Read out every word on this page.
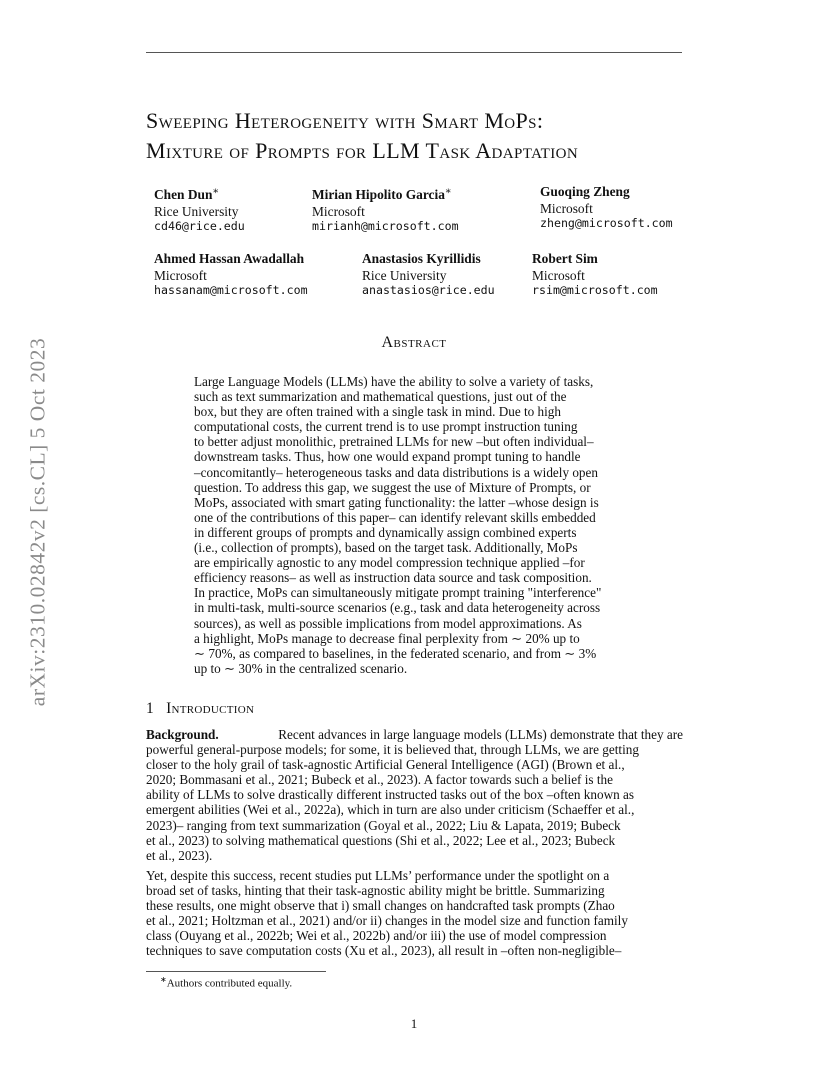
arXiv:2310.02842v2 [cs.CL] 5 Oct 2023
Sweeping Heterogeneity with Smart MoPs:
Mixture of Prompts for LLM Task Adaptation
Chen Dun∗
Rice University
cd46@rice.edu
Mirian Hipolito Garcia∗
Microsoft
mirianh@microsoft.com
Guoqing Zheng
Microsoft
zheng@microsoft.com
Ahmed Hassan Awadallah
Microsoft
hassanam@microsoft.com
Anastasios Kyrillidis
Rice University
anastasios@rice.edu
Robert Sim
Microsoft
rsim@microsoft.com
Abstract
Large Language Models (LLMs) have the ability to solve a variety of tasks,
such as text summarization and mathematical questions, just out of the
box, but they are often trained with a single task in mind. Due to high
computational costs, the current trend is to use prompt instruction tuning
to better adjust monolithic, pretrained LLMs for new –but often individual–
downstream tasks. Thus, how one would expand prompt tuning to handle
–concomitantly– heterogeneous tasks and data distributions is a widely open
question. To address this gap, we suggest the use of Mixture of Prompts, or
MoPs, associated with smart gating functionality: the latter –whose design is
one of the contributions of this paper– can identify relevant skills embedded
in different groups of prompts and dynamically assign combined experts
(i.e., collection of prompts), based on the target task. Additionally, MoPs
are empirically agnostic to any model compression technique applied –for
efficiency reasons– as well as instruction data source and task composition.
In practice, MoPs can simultaneously mitigate prompt training "interference"
in multi-task, multi-source scenarios (e.g., task and data heterogeneity across
sources), as well as possible implications from model approximations. As
a highlight, MoPs manage to decrease final perplexity from ∼ 20% up to
∼ 70%, as compared to baselines, in the federated scenario, and from ∼ 3%
up to ∼ 30% in the centralized scenario.
1 Introduction
Background.	Recent advances in large language models (LLMs) demonstrate that they are
powerful general-purpose models; for some, it is believed that, through LLMs, we are getting
closer to the holy grail of task-agnostic Artificial General Intelligence (AGI) (Brown et al.,
2020; Bommasani et al., 2021; Bubeck et al., 2023). A factor towards such a belief is the
ability of LLMs to solve drastically different instructed tasks out of the box –often known as
emergent abilities (Wei et al., 2022a), which in turn are also under criticism (Schaeffer et al.,
2023)– ranging from text summarization (Goyal et al., 2022; Liu & Lapata, 2019; Bubeck
et al., 2023) to solving mathematical questions (Shi et al., 2022; Lee et al., 2023; Bubeck
et al., 2023).
Yet, despite this success, recent studies put LLMs’ performance under the spotlight on a
broad set of tasks, hinting that their task-agnostic ability might be brittle. Summarizing
these results, one might observe that i) small changes on handcrafted task prompts (Zhao
et al., 2021; Holtzman et al., 2021) and/or ii) changes in the model size and function family
class (Ouyang et al., 2022b; Wei et al., 2022b) and/or iii) the use of model compression
techniques to save computation costs (Xu et al., 2023), all result in –often non-negligible–
∗Authors contributed equally.
1
